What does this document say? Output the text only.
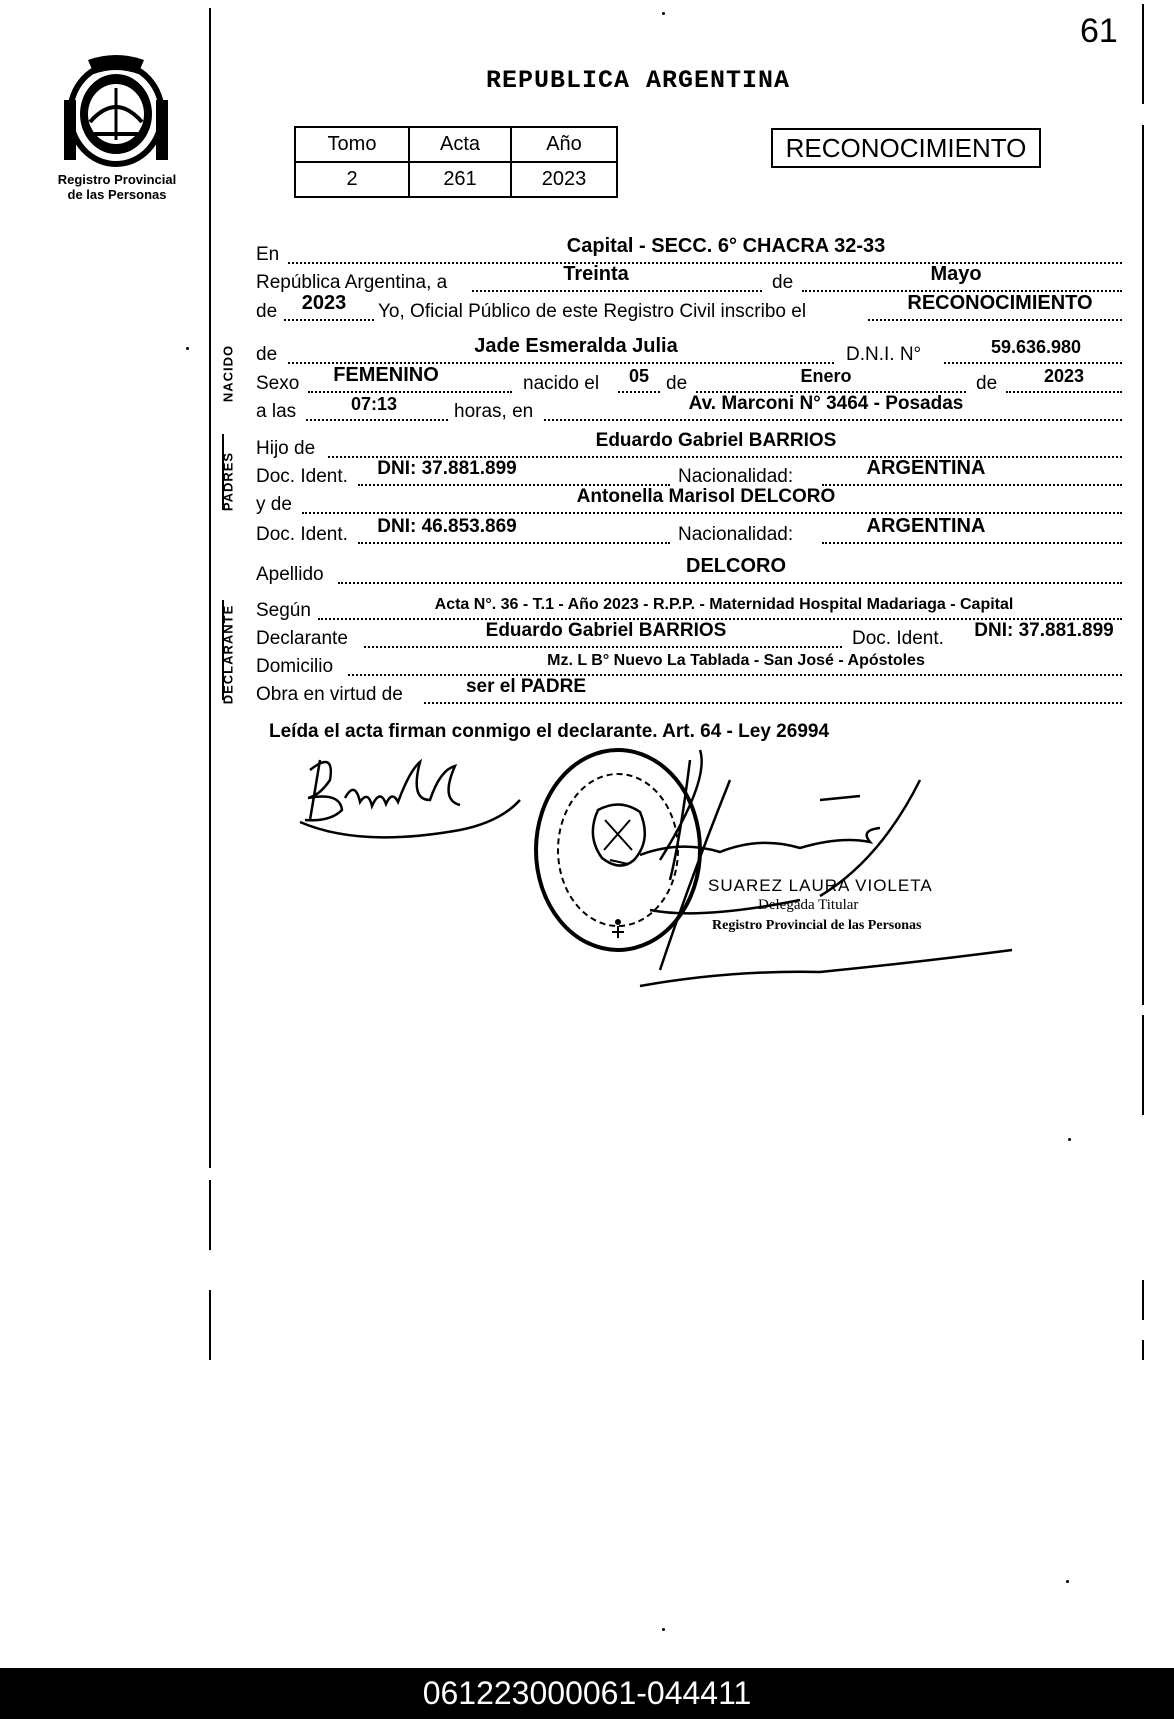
61
Registro Provincial
de las Personas
REPUBLICA ARGENTINA
Tomo	Acta	Año
2	261	2023
RECONOCIMIENTO
NACIDO
PADRES
DECLARANTE
En	Capital - SECC. 6° CHACRA 32-33
República Argentina, a	Treinta	de	Mayo
de	2023	Yo, Oficial Público de este Registro Civil inscribo el	RECONOCIMIENTO
de	Jade Esmeralda Julia	D.N.I. N°	59.636.980
Sexo	FEMENINO	nacido el	05 de	Enero	de	2023
a las	07:13	horas, en	Av. Marconi N° 3464 - Posadas
Hijo de	Eduardo Gabriel BARRIOS
Doc. Ident.	DNI: 37.881.899	Nacionalidad:	ARGENTINA
y de	Antonella Marisol DELCORO
Doc. Ident.	DNI: 46.853.869	Nacionalidad:	ARGENTINA
Apellido	DELCORO
Según	Acta N°. 36 - T.1 - Año 2023 - R.P.P. - Maternidad Hospital Madariaga - Capital
Declarante	Eduardo Gabriel BARRIOS	Doc. Ident.	DNI: 37.881.899
Domicilio	Mz. L B° Nuevo La Tablada - San José - Apóstoles
Obra en virtud de	ser el PADRE
Leída el acta firman conmigo el declarante. Art. 64 - Ley 26994
SUAREZ LAURA VIOLETA
Delegada Titular
Registro Provincial de las Personas
061223000061-044411
